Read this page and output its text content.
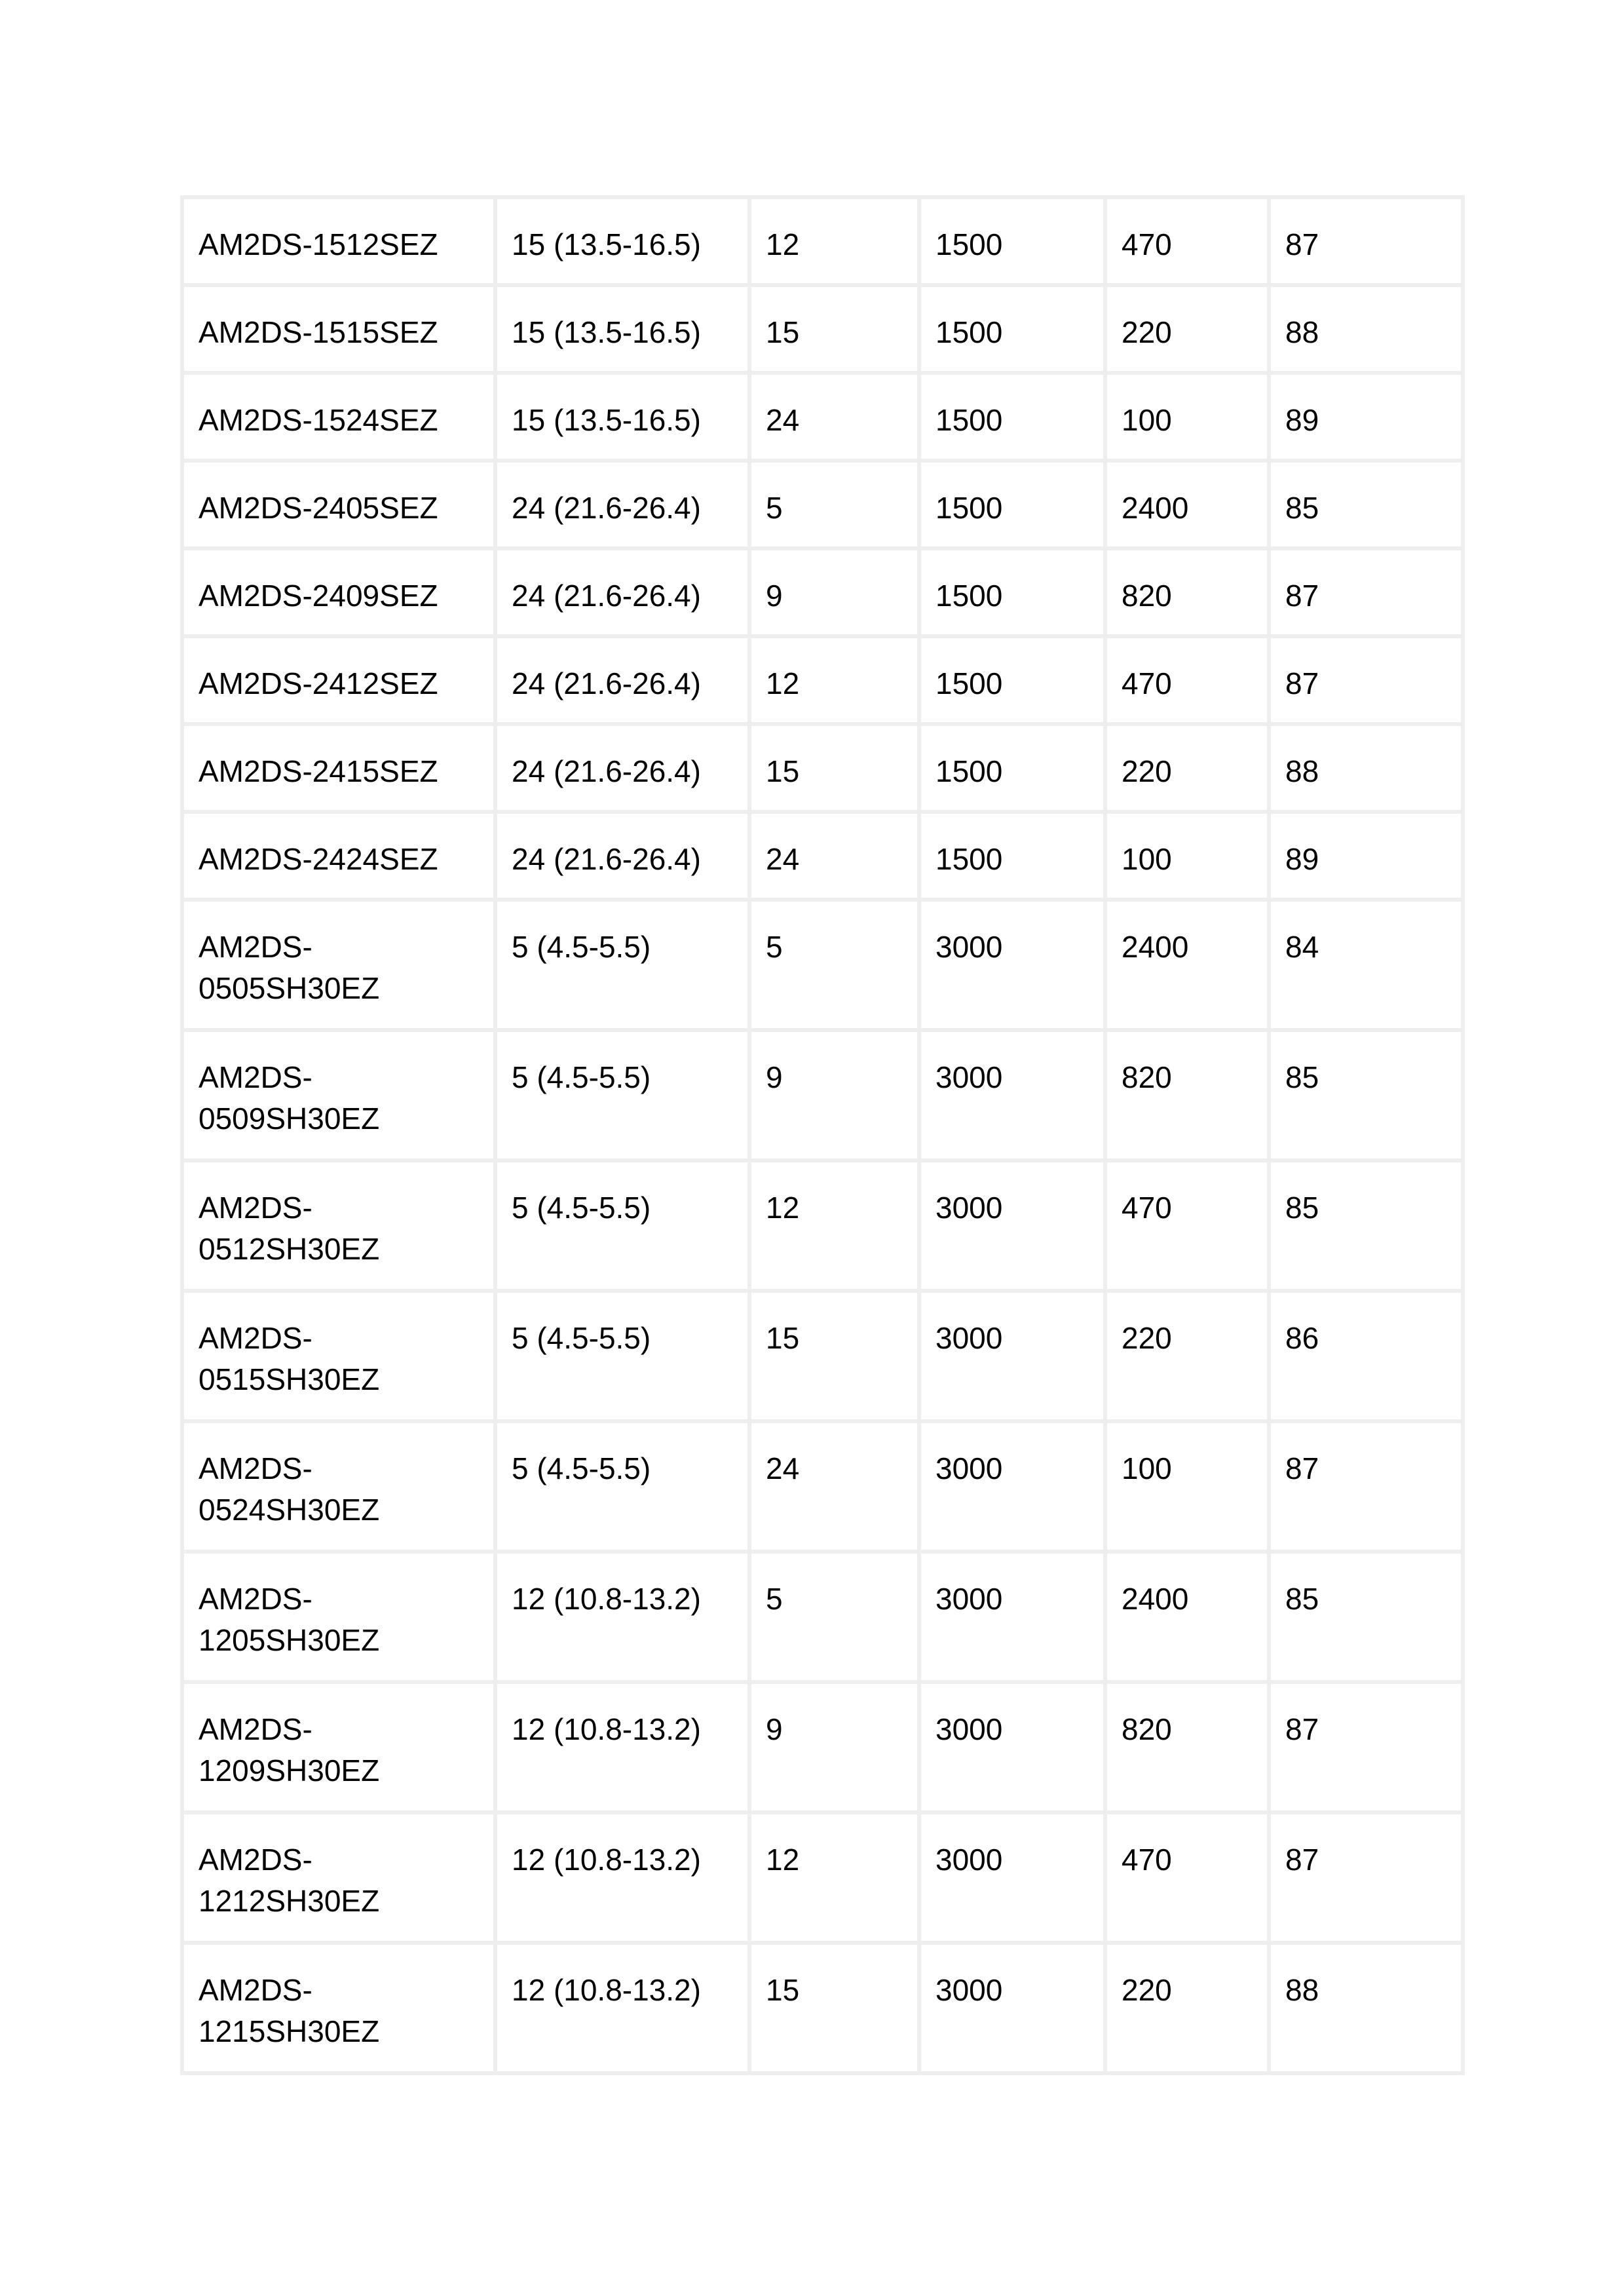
AM2DS-1512SEZ	15 (13.5-16.5)	12	1500	470	87
AM2DS-1515SEZ	15 (13.5-16.5)	15	1500	220	88
AM2DS-1524SEZ	15 (13.5-16.5)	24	1500	100	89
AM2DS-2405SEZ	24 (21.6-26.4)	5	1500	2400	85
AM2DS-2409SEZ	24 (21.6-26.4)	9	1500	820	87
AM2DS-2412SEZ	24 (21.6-26.4)	12	1500	470	87
AM2DS-2415SEZ	24 (21.6-26.4)	15	1500	220	88
AM2DS-2424SEZ	24 (21.6-26.4)	24	1500	100	89
AM2DS-0505SH30EZ	5 (4.5-5.5)	5	3000	2400	84
AM2DS-0509SH30EZ	5 (4.5-5.5)	9	3000	820	85
AM2DS-0512SH30EZ	5 (4.5-5.5)	12	3000	470	85
AM2DS-0515SH30EZ	5 (4.5-5.5)	15	3000	220	86
AM2DS-0524SH30EZ	5 (4.5-5.5)	24	3000	100	87
AM2DS-1205SH30EZ	12 (10.8-13.2)	5	3000	2400	85
AM2DS-1209SH30EZ	12 (10.8-13.2)	9	3000	820	87
AM2DS-1212SH30EZ	12 (10.8-13.2)	12	3000	470	87
AM2DS-1215SH30EZ	12 (10.8-13.2)	15	3000	220	88
